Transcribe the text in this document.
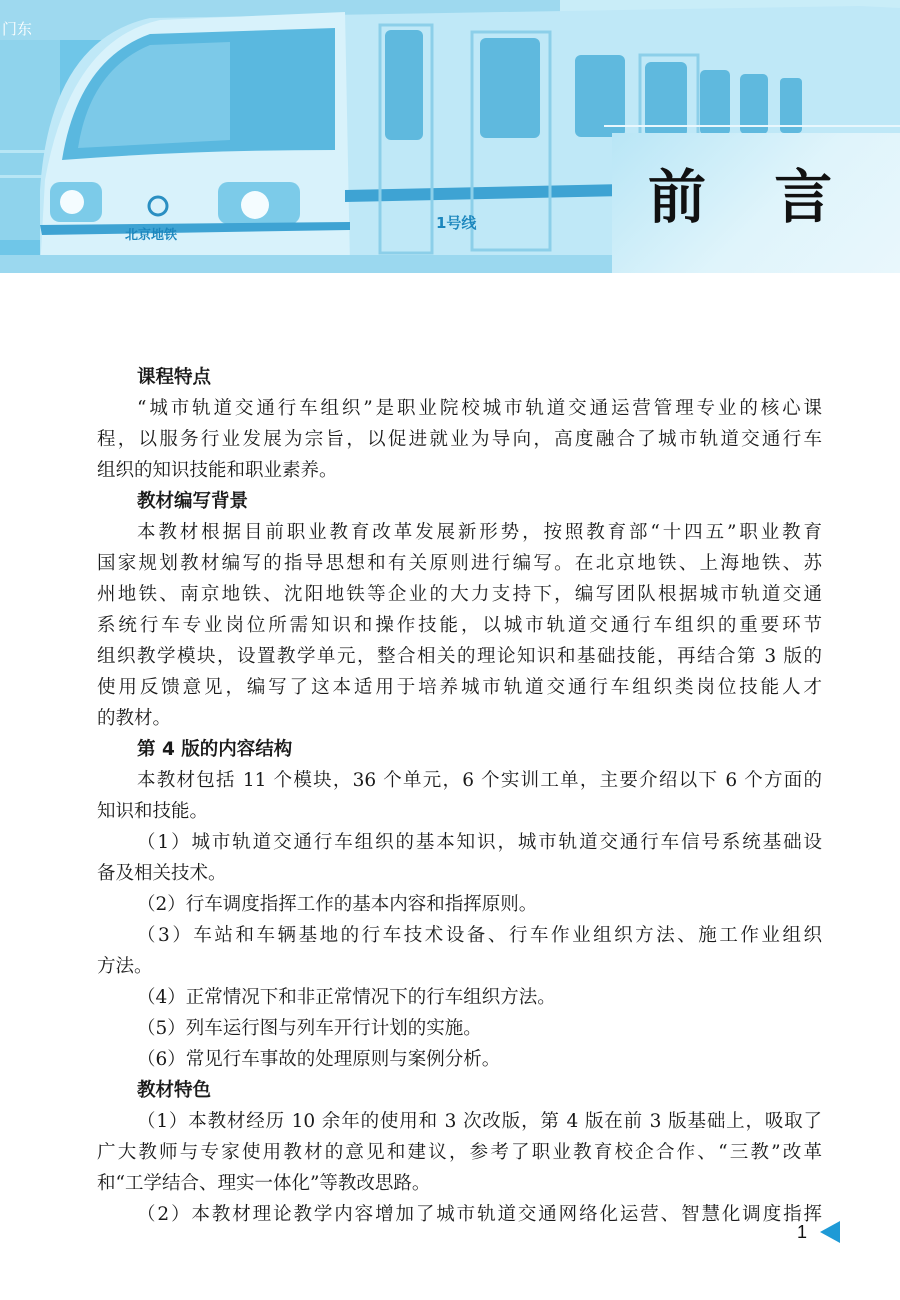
门东
北京地铁
1号线	前 言
课程特点
“城市轨道交通行车组织”是职业院校城市轨道交通运营管理专业的核心课
程，以服务行业发展为宗旨，以促进就业为导向，高度融合了城市轨道交通行车
组织的知识技能和职业素养。
教材编写背景
本教材根据目前职业教育改革发展新形势，按照教育部“十四五”职业教育
国家规划教材编写的指导思想和有关原则进行编写。在北京地铁、上海地铁、苏
州地铁、南京地铁、沈阳地铁等企业的大力支持下，编写团队根据城市轨道交通
系统行车专业岗位所需知识和操作技能，以城市轨道交通行车组织的重要环节
组织教学模块，设置教学单元，整合相关的理论知识和基础技能，再结合第 3 版的
使用反馈意见，编写了这本适用于培养城市轨道交通行车组织类岗位技能人才
的教材。
第 4 版的内容结构
本教材包括 11 个模块，36 个单元，6 个实训工单，主要介绍以下 6 个方面的
知识和技能。
（1）城市轨道交通行车组织的基本知识，城市轨道交通行车信号系统基础设
备及相关技术。
（2）行车调度指挥工作的基本内容和指挥原则。
（3）车站和车辆基地的行车技术设备、行车作业组织方法、施工作业组织
方法。
（4）正常情况下和非正常情况下的行车组织方法。
（5）列车运行图与列车开行计划的实施。
（6）常见行车事故的处理原则与案例分析。
教材特色
（1）本教材经历 10 余年的使用和 3 次改版，第 4 版在前 3 版基础上，吸取了
广大教师与专家使用教材的意见和建议，参考了职业教育校企合作、“三教”改革
和“工学结合、理实一体化”等教改思路。
（2）本教材理论教学内容增加了城市轨道交通网络化运营、智慧化调度指挥
1
